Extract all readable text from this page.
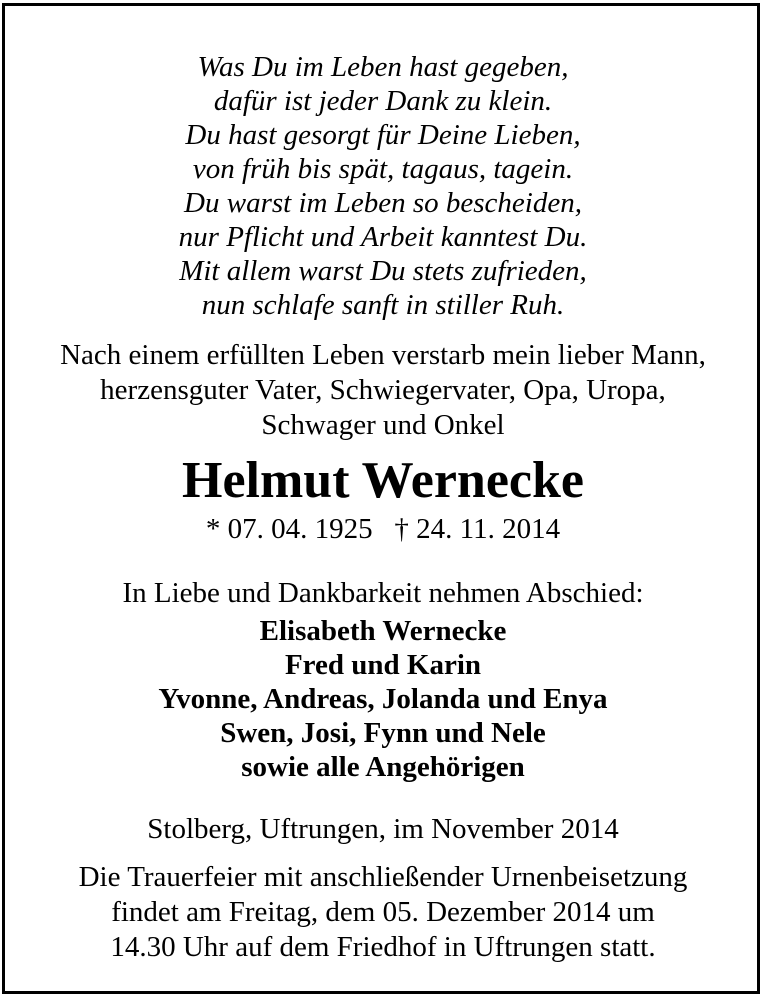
Was Du im Leben hast gegeben,
dafür ist jeder Dank zu klein.
Du hast gesorgt für Deine Lieben,
von früh bis spät, tagaus, tagein.
Du warst im Leben so bescheiden,
nur Pflicht und Arbeit kanntest Du.
Mit allem warst Du stets zufrieden,
nun schlafe sanft in stiller Ruh.
Nach einem erfüllten Leben verstarb mein lieber Mann,
herzensguter Vater, Schwiegervater, Opa, Uropa,
Schwager und Onkel
Helmut Wernecke
* 07. 04. 1925   † 24. 11. 2014
In Liebe und Dankbarkeit nehmen Abschied:
Elisabeth Wernecke
Fred und Karin
Yvonne, Andreas, Jolanda und Enya
Swen, Josi, Fynn und Nele
sowie alle Angehörigen
Stolberg, Uftrungen, im November 2014
Die Trauerfeier mit anschließender Urnenbeisetzung
findet am Freitag, dem 05. Dezember 2014 um
14.30 Uhr auf dem Friedhof in Uftrungen statt.
